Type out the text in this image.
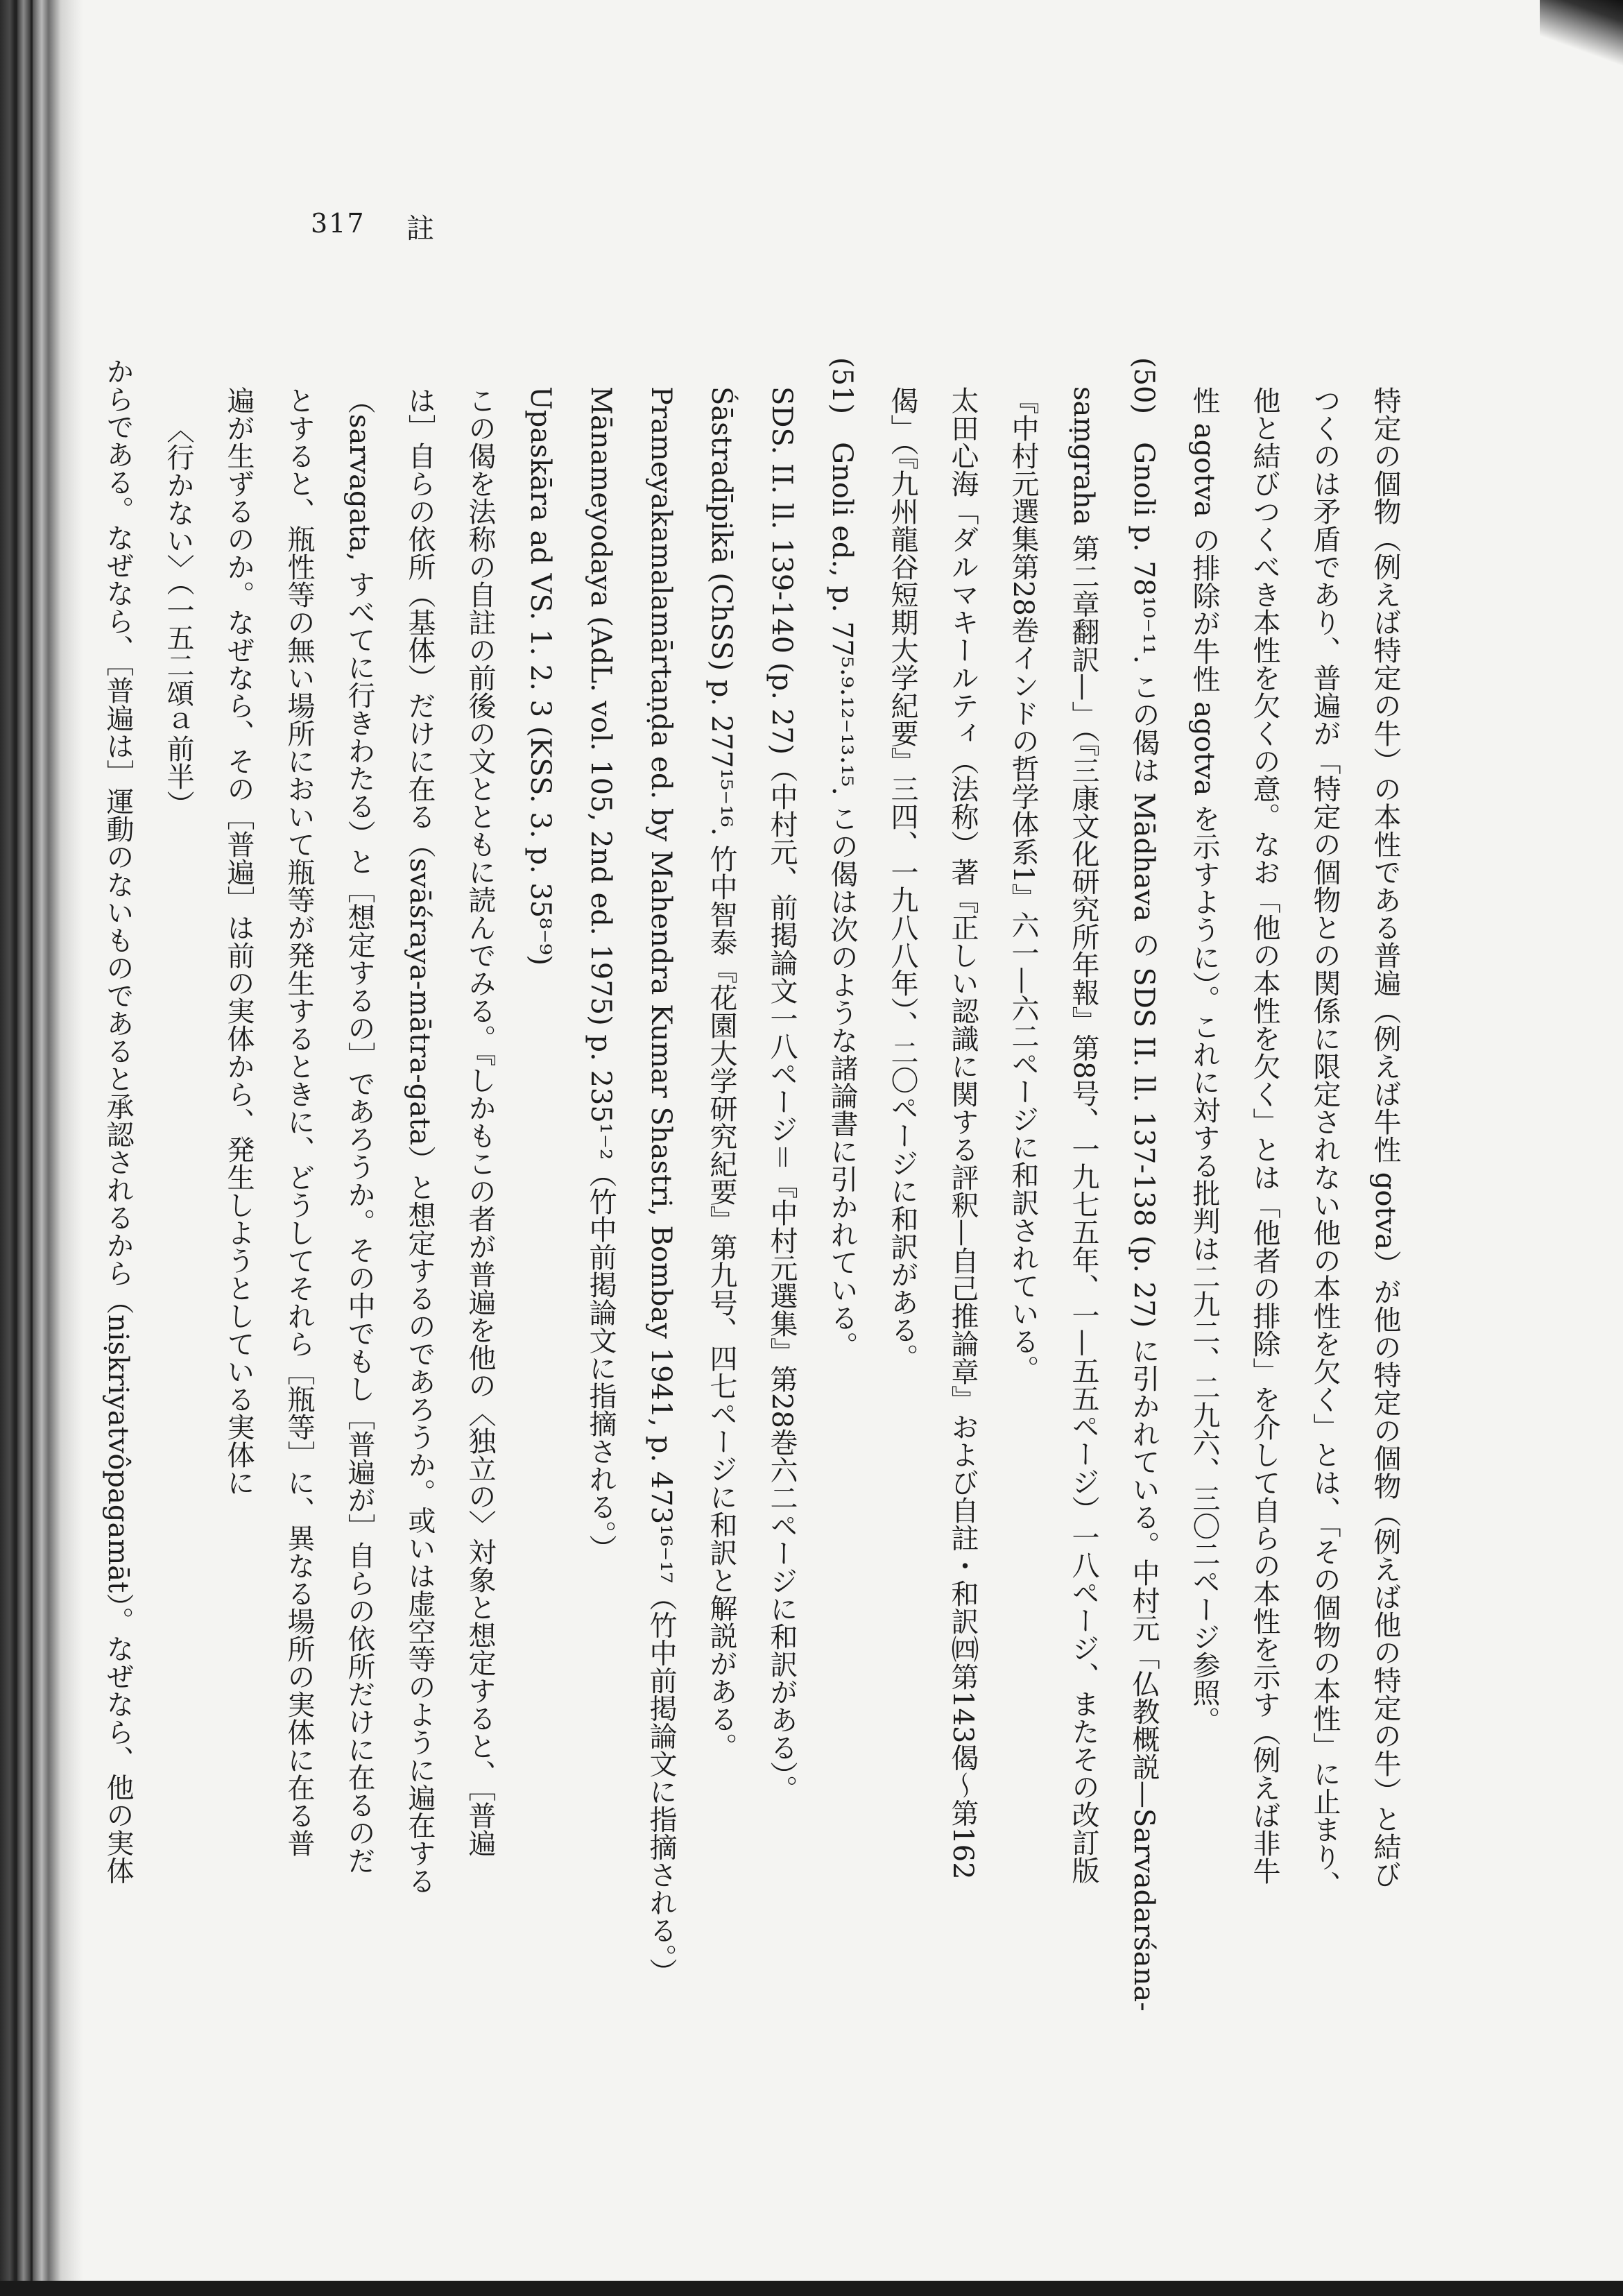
317 註
特定の個物（例えば特定の牛）の本性である普遍（例えば牛性 gotva）が他の特定の個物（例えば他の特定の牛）と結び
つくのは矛盾であり、普遍が「特定の個物との関係に限定されない他の本性を欠く」とは、「その個物の本性」に止まり、
他と結びつくべき本性を欠くの意。なお「他の本性を欠く」とは「他者の排除」を介して自らの本性を示す（例えば非牛
性 agotva の排除が牛性 agotva を示すように）。これに対する批判は二九二、二九六、三〇二ページ参照。
(50)　Gnoli p. 78¹⁰⁻¹¹. この偈は Mādhava の SDS II. ll. 137-138 (p. 27) に引かれている。中村元「仏教概説—Sarvadarśana-
saṃgraha 第二章翻訳—」（『三康文化研究所年報』第8号、一九七五年、一—五五ページ）一八ページ、またその改訂版
『中村元選集第28巻インドの哲学体系1』六一—六二ページに和訳されている。
太田心海「ダルマキールティ（法称）著『正しい認識に関する評釈—自己推論章』および自註・和訳㈣第143偈～第162
偈」（『九州龍谷短期大学紀要』三四、一九八八年）、二〇ページに和訳がある。
(51)　Gnoli ed., p. 77⁵·⁹·¹²⁻¹³·¹⁵. この偈は次のような諸論書に引かれている。
SDS. II. ll. 139-140 (p. 27)（中村元、前掲論文一八ページ＝『中村元選集』第28巻六二ページに和訳がある）。
Śāstradīpikā (ChSS) p. 277¹⁵⁻¹⁶. 竹中智泰『花園大学研究紀要』第九号、四七ページに和訳と解説がある。
Prameyakamalamārtaṇḍa ed. by Mahendra Kumar Shastri, Bombay 1941, p. 473¹⁶⁻¹⁷（竹中前掲論文に指摘される。）
Mānameyodaya (AdL. vol. 105, 2nd ed. 1975) p. 235¹⁻²（竹中前掲論文に指摘される。）
Upaskāra ad VS. 1. 2. 3 (KSS. 3. p. 35⁸⁻⁹)
この偈を法称の自註の前後の文とともに読んでみる。『しかもこの者が普遍を他の〈独立の〉対象と想定すると、［普遍
は］自らの依所（基体）だけに在る（svāśraya-mātra-gata）と想定するのであろうか。或いは虚空等のように遍在する
（sarvagata, すべてに行きわたる）と［想定するの］であろうか。その中でもし［普遍が］自らの依所だけに在るのだ
とすると、瓶性等の無い場所において瓶等が発生するときに、どうしてそれら［瓶等］に、異なる場所の実体に在る普
遍が生ずるのか。なぜなら、その［普遍］は前の実体から、発生しようとしている実体に
〈行かない〉（一五二頌ａ前半）
からである。なぜなら、［普遍は］運動のないものであると承認されるから（niṣkriyatvôpagamāt）。なぜなら、他の実体
